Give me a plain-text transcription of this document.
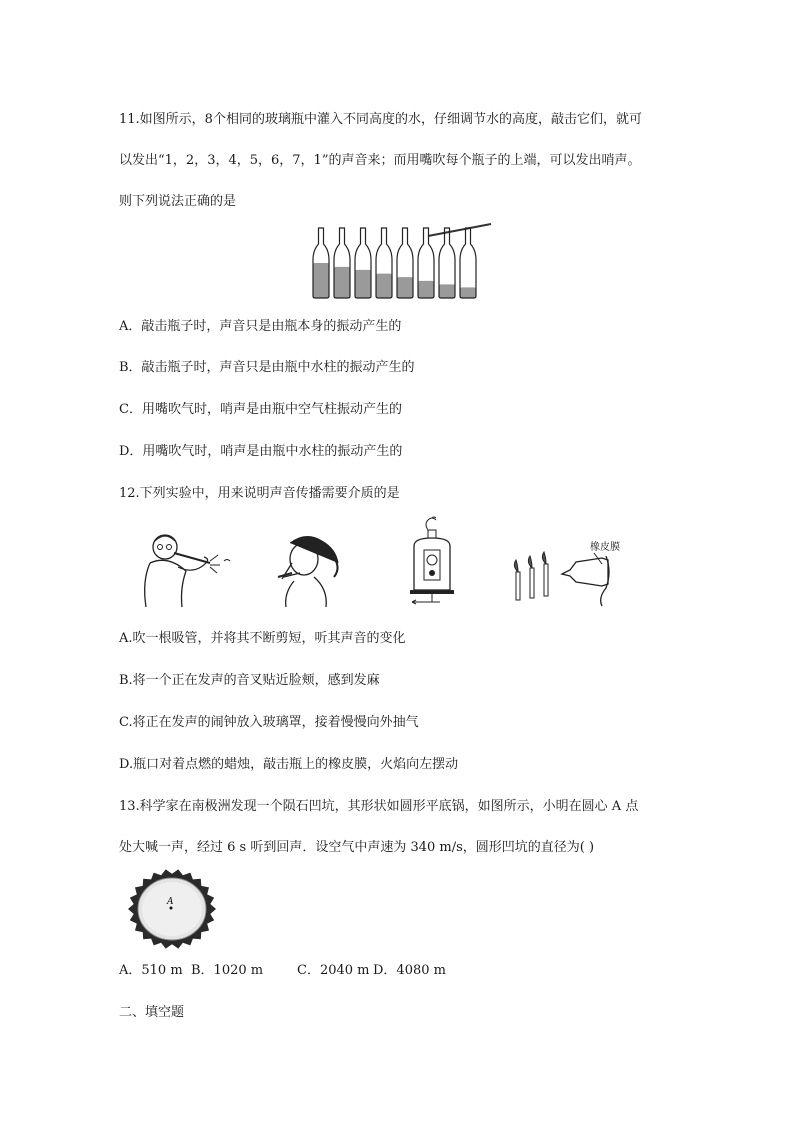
11.如图所示，8个相同的玻璃瓶中灌入不同高度的水，仔细调节水的高度，敲击它们，就可
以发出“1，2，3，4，5，6，7，1”的声音来；而用嘴吹每个瓶子的上端，可以发出哨声。
则下列说法正确的是
A．敲击瓶子时，声音只是由瓶本身的振动产生的
B．敲击瓶子时，声音只是由瓶中水柱的振动产生的
C．用嘴吹气时，哨声是由瓶中空气柱振动产生的
D．用嘴吹气时，哨声是由瓶中水柱的振动产生的
12.下列实验中，用来说明声音传播需要介质的是
橡皮膜
A.吹一根吸管，并将其不断剪短，听其声音的变化
B.将一个正在发声的音叉贴近脸颊，感到发麻
C.将正在发声的闹钟放入玻璃罩，接着慢慢向外抽气
D.瓶口对着点燃的蜡烛，敲击瓶上的橡皮膜，火焰向左摆动
13.科学家在南极洲发现一个陨石凹坑，其形状如圆形平底锅，如图所示，小明在圆心 A 点
处大喊一声，经过 6 s 听到回声．设空气中声速为 340 m/s，圆形凹坑的直径为( )
A
A．510 m B．1020 m	C．2040 m D．4080 m
二、填空题
